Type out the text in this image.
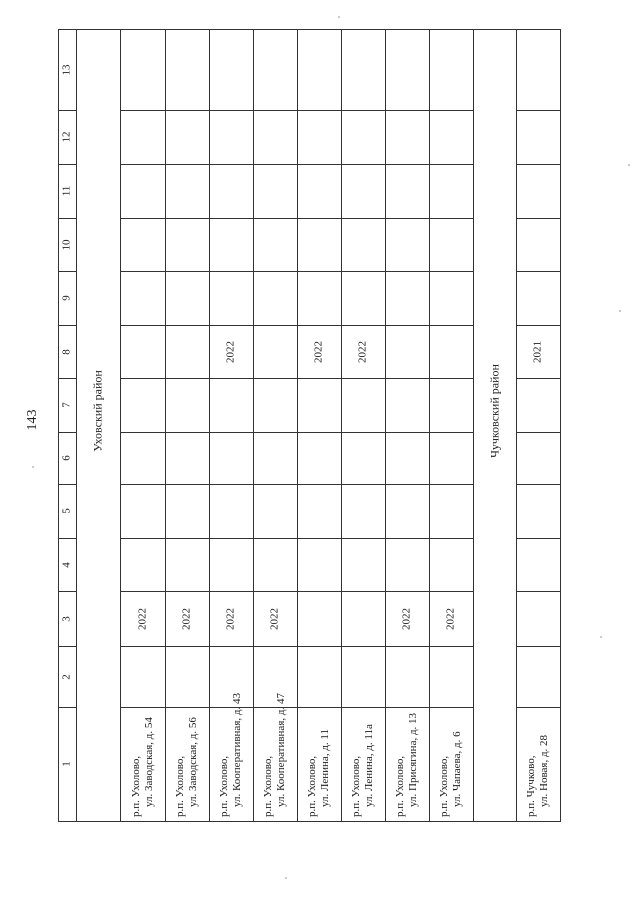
143
1
2
3
4
5
6
7
8
9
10
11
12
13
Уховский район
р.п. Ухолово, ул. Заводская, д. 54
2022
р.п. Ухолово, ул. Заводская, д. 56
2022
р.п. Ухолово, ул. Кооперативная, д. 43
2022
2022
р.п. Ухолово, ул. Кооперативная, д. 47
2022
р.п. Ухолово, ул. Ленина, д. 11
2022
р.п. Ухолово, ул. Ленина, д. 11а
2022
р.п. Ухолово, ул. Присягина, д. 13
2022
р.п. Ухолово, ул. Чапаева, д. 6
2022
Чучковский район
р.п. Чучково, ул. Новая, д. 28
2021
